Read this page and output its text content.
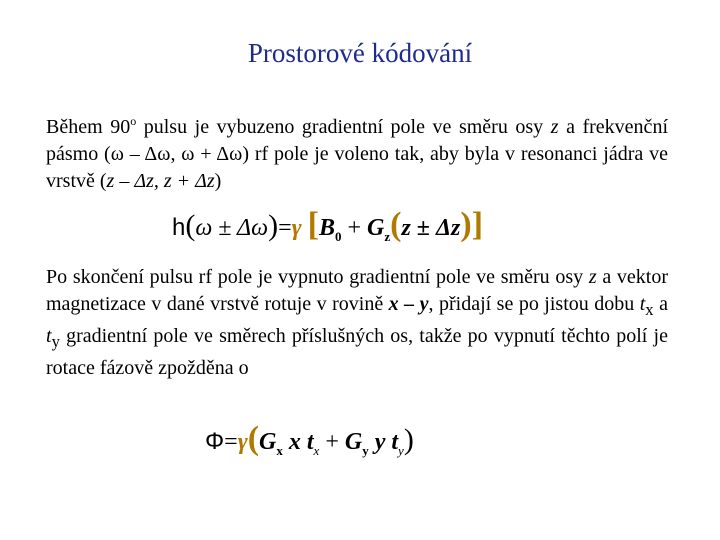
Prostorové kódování
Během 90$^o$ pulsu je vybuzeno gradientní pole ve směru osy z a frekvenční pásmo (ω – Δω, ω + Δω) rf pole je voleno tak, aby byla v resonanci jádra ve vrstvě (z – Δz, z + Δz)
h(ω ± Δω)=γ $[B_0 + G_z(z \pm \Delta z)]$
Po skončení pulsu rf pole je vypnuto gradientní pole ve směru osy z a vektor magnetizace v dané vrstvě rotuje v rovině x – y, přidají se po jistou dobu $t_x$ a $t_y$ gradientní pole ve směrech příslušných os, takže po vypnutí těchto polí je rotace fázově zpožděna o
$\Phi=\gamma(G_x$ x $t_x + G_y$ y $t_y$)
